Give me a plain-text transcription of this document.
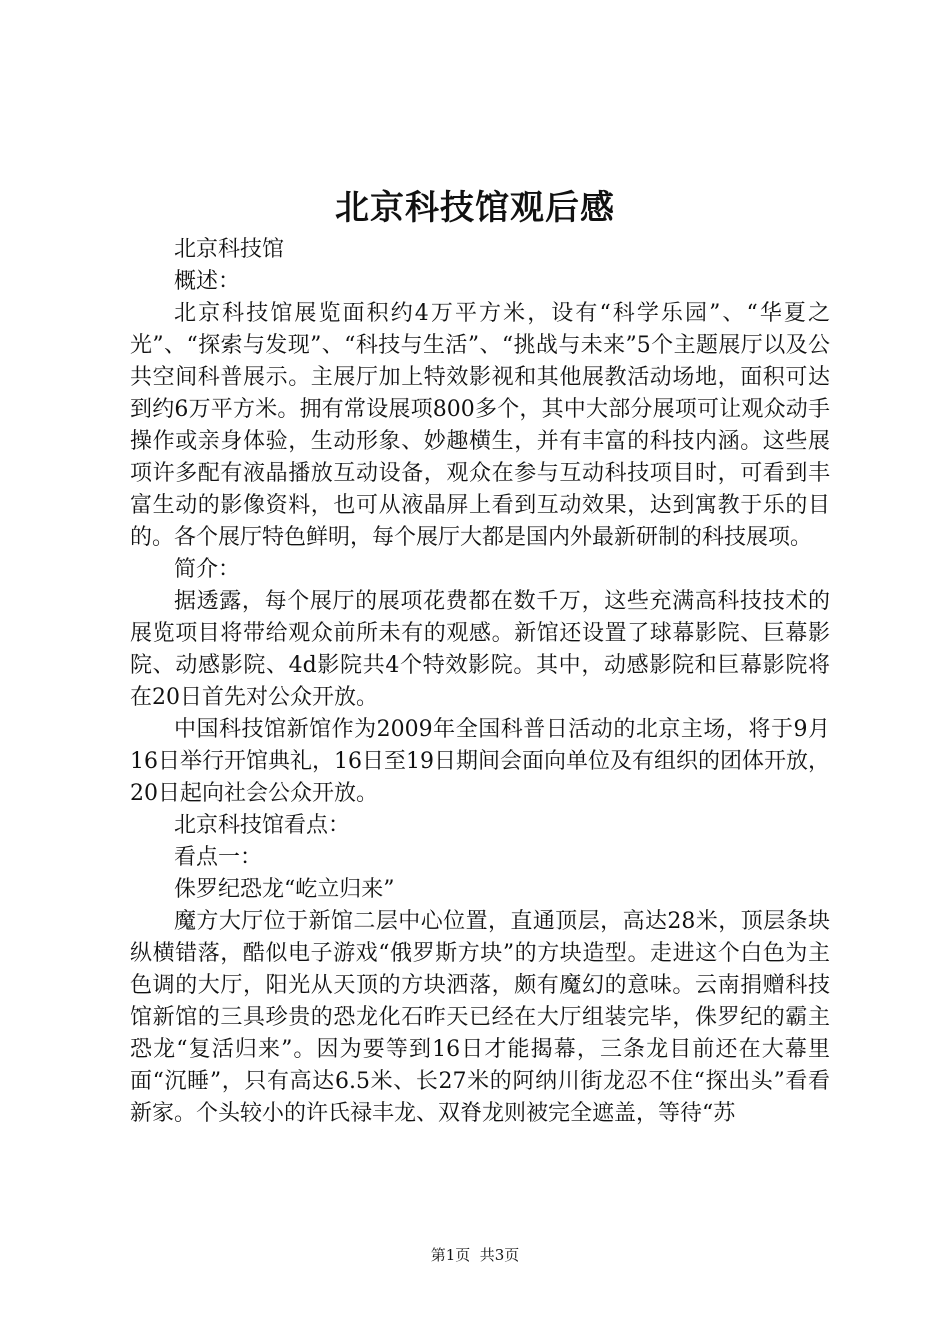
北京科技馆观后感

北京科技馆

概述：

北京科技馆展览面积约4万平方米，设有“科学乐园”、“华夏之光”、“探索与发现”、“科技与生活”、“挑战与未来”5个主题展厅以及公共空间科普展示。主展厅加上特效影视和其他展教活动场地，面积可达到约6万平方米。拥有常设展项800多个，其中大部分展项可让观众动手操作或亲身体验，生动形象、妙趣横生，并有丰富的科技内涵。这些展项许多配有液晶播放互动设备，观众在参与互动科技项目时，可看到丰富生动的影像资料，也可从液晶屏上看到互动效果，达到寓教于乐的目的。各个展厅特色鲜明，每个展厅大都是国内外最新研制的科技展项。

简介：

据透露，每个展厅的展项花费都在数千万，这些充满高科技技术的展览项目将带给观众前所未有的观感。新馆还设置了球幕影院、巨幕影院、动感影院、4d影院共4个特效影院。其中，动感影院和巨幕影院将在20日首先对公众开放。

中国科技馆新馆作为2009年全国科普日活动的北京主场，将于9月16日举行开馆典礼，16日至19日期间会面向单位及有组织的团体开放，20日起向社会公众开放。

北京科技馆看点：

看点一：

侏罗纪恐龙“屹立归来”

魔方大厅位于新馆二层中心位置，直通顶层，高达28米，顶层条块纵横错落，酷似电子游戏“俄罗斯方块”的方块造型。走进这个白色为主色调的大厅，阳光从天顶的方块洒落，颇有魔幻的意味。云南捐赠科技馆新馆的三具珍贵的恐龙化石昨天已经在大厅组装完毕，侏罗纪的霸主恐龙“复活归来”。因为要等到16日才能揭幕，三条龙目前还在大幕里面“沉睡”，只有高达6.5米、长27米的阿纳川街龙忍不住“探出头”看看新家。个头较小的许氏禄丰龙、双脊龙则被完全遮盖，等待“苏

第1页  共3页
